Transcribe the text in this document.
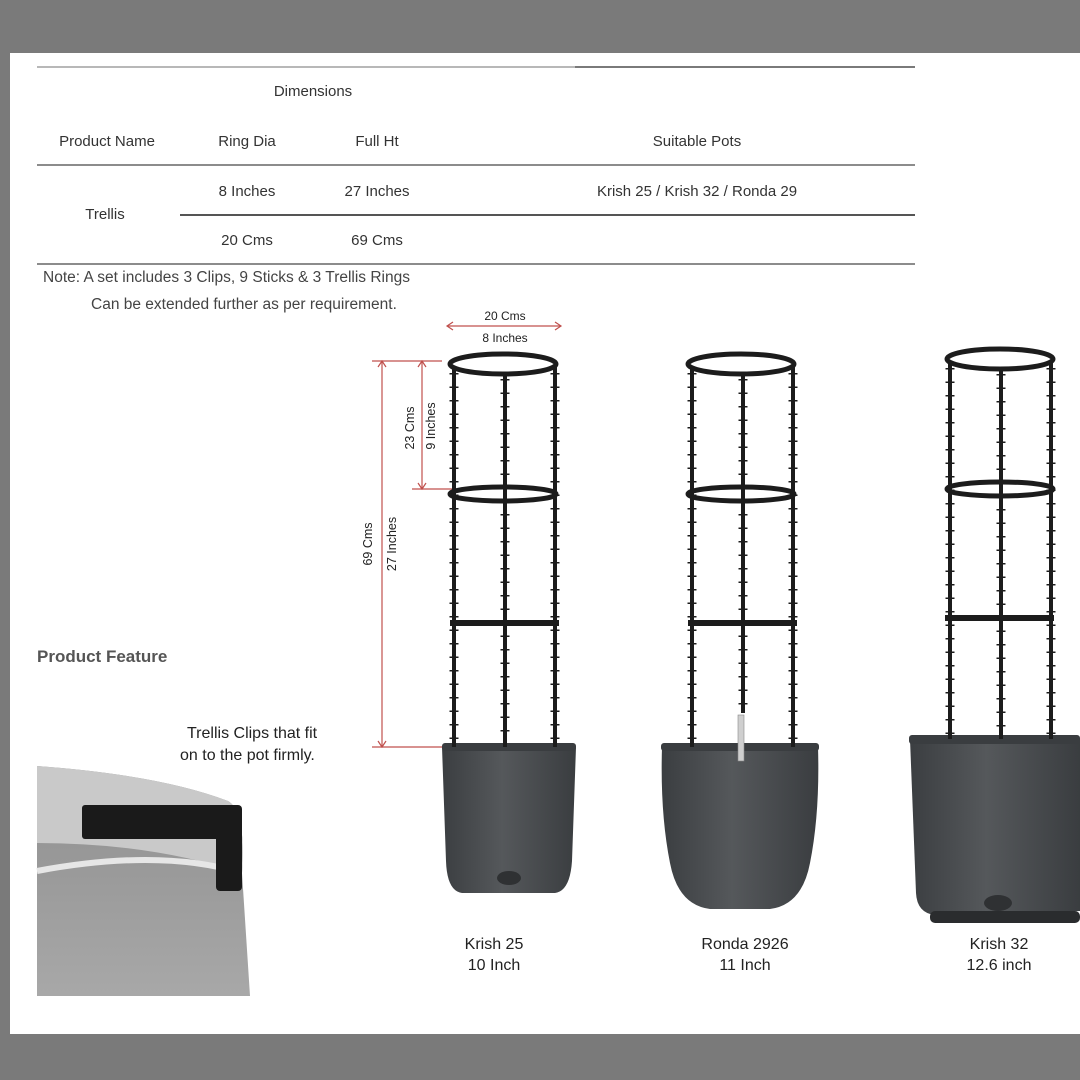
Dimensions
Product Name	Ring Dia	Full Ht	Suitable Pots
Trellis
8 Inches	27 Inches	Krish 25 / Krish 32 / Ronda 29
20 Cms	69 Cms
Note: A set includes 3 Clips, 9 Sticks & 3 Trellis Rings
Can be extended further as per requirement.
20 Cms
8 Inches
23 Cms 9 Inches
69 Cms 27 Inches
Product Feature
Trellis Clips that fit
on to the pot firmly.
Krish 25
10 Inch
Ronda 2926
11 Inch
Krish 32
12.6 inch
